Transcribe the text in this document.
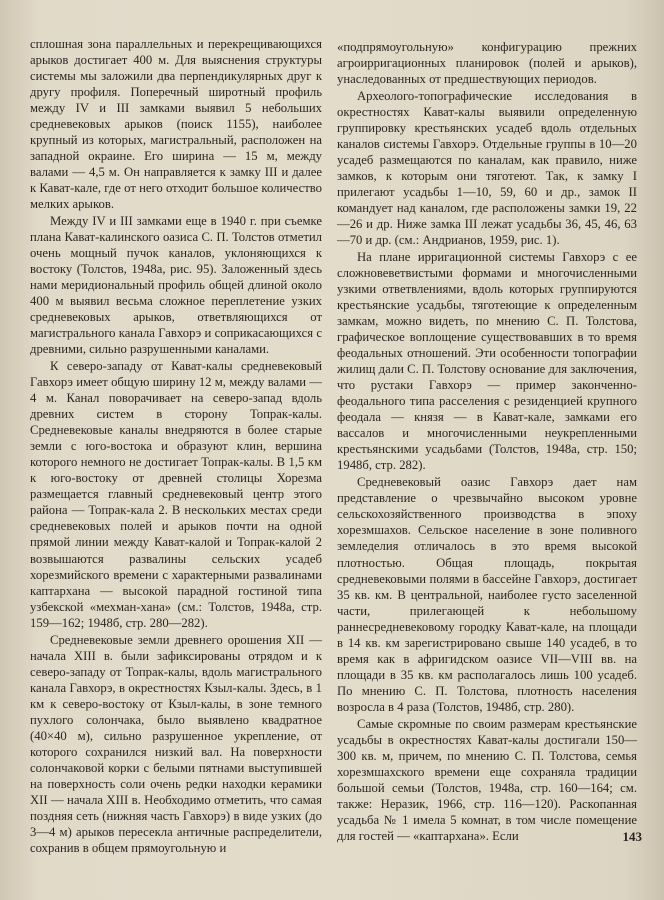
сплошная зона параллельных и перекрещивающихся арыков достигает 400 м. Для выяснения структуры системы мы заложили два перпендикулярных друг к другу профиля. Поперечный широтный профиль между IV и III замками выявил 5 небольших средневековых арыков (поиск 1155), наиболее крупный из которых, магистральный, расположен на западной окраине. Его ширина — 15 м, между валами — 4,5 м. Он направляется к замку III и далее к Кават-кале, где от него отходит большое количество мелких арыков.

Между IV и III замками еще в 1940 г. при съемке плана Кават-калинского оазиса С. П. Толстов отметил очень мощный пучок каналов, уклоняющихся к востоку (Толстов, 1948а, рис. 95). Заложенный здесь нами меридиональный профиль общей длиной около 400 м выявил весьма сложное переплетение узких средневековых арыков, ответвляющихся от магистрального канала Гавхорэ и соприкасающихся с древними, сильно разрушенными каналами.

К северо-западу от Кават-калы средневековый Гавхорэ имеет общую ширину 12 м, между валами — 4 м. Канал поворачивает на северо-запад вдоль древних систем в сторону Топрак-калы. Средневековые каналы внедряются в более старые земли с юго-востока и образуют клин, вершина которого немного не достигает Топрак-калы. В 1,5 км к юго-востоку от древней столицы Хорезма размещается главный средневековый центр этого района — Топрак-кала 2. В нескольких местах среди средневековых полей и арыков почти на одной прямой линии между Кават-калой и Топрак-калой 2 возвышаются развалины сельских усадеб хорезмийского времени с характерными развалинами каптархана — высокой парадной гостиной типа узбекской «мехман-хана» (см.: Толстов, 1948а, стр. 159—162; 1948б, стр. 280—282).

Средневековые земли древнего орошения XII — начала XIII в. были зафиксированы отрядом и к северо-западу от Топрак-калы, вдоль магистрального канала Гавхорэ, в окрестностях Кзыл-калы. Здесь, в 1 км к северо-востоку от Кзыл-калы, в зоне темного пухлого солончака, было выявлено квадратное (40×40 м), сильно разрушенное укрепление, от которого сохранился низкий вал. На поверхности солончаковой корки с белыми пятнами выступившей на поверхность соли очень редки находки керамики XII — начала XIII в. Необходимо отметить, что самая поздняя сеть (нижняя часть Гавхорэ) в виде узких (до 3—4 м) арыков пересекла античные распределители, сохранив в общем прямоугольную и

«подпрямоугольную» конфигурацию прежних агроирригационных планировок (полей и арыков), унаследованных от предшествующих периодов.

Археолого-топографические исследования в окрестностях Кават-калы выявили определенную группировку крестьянских усадеб вдоль отдельных каналов системы Гавхорэ. Отдельные группы в 10—20 усадеб размещаются по каналам, как правило, ниже замков, к которым они тяготеют. Так, к замку I прилегают усадьбы 1—10, 59, 60 и др., замок II командует над каналом, где расположены замки 19, 22—26 и др. Ниже замка III лежат усадьбы 36, 45, 46, 63—70 и др. (см.: Андрианов, 1959, рис. 1).

На плане ирригационной системы Гавхорэ с ее сложновеветвистыми формами и многочисленными узкими ответвлениями, вдоль которых группируются крестьянские усадьбы, тяготеющие к определенным замкам, можно видеть, по мнению С. П. Толстова, графическое воплощение существовавших в то время феодальных отношений. Эти особенности топографии жилищ дали С. П. Толстову основание для заключения, что рустаки Гавхорэ — пример законченно-феодального типа расселения с резиденцией крупного феодала — князя — в Кават-кале, замками его вассалов и многочисленными неукрепленными крестьянскими усадьбами (Толстов, 1948а, стр. 150; 1948б, стр. 282).

Средневековый оазис Гавхорэ дает нам представление о чрезвычайно высоком уровне сельскохозяйственного производства в эпоху хорезмшахов. Сельское население в зоне поливного земледелия отличалось в это время высокой плотностью. Общая площадь, покрытая средневековыми полями в бассейне Гавхорэ, достигает 35 кв. км. В центральной, наиболее густо заселенной части, прилегающей к небольшому раннесредневековому городку Кават-кале, на площади в 14 кв. км зарегистрировано свыше 140 усадеб, в то время как в афригидском оазисе VII—VIII вв. на площади в 35 кв. км располагалось лишь 100 усадеб. По мнению С. П. Толстова, плотность населения возросла в 4 раза (Толстов, 1948б, стр. 280).

Самые скромные по своим размерам крестьянские усадьбы в окрестностях Кават-калы достигали 150—300 кв. м, причем, по мнению С. П. Толстова, семья хорезмшахского времени еще сохраняла традиции большой семьи (Толстов, 1948а, стр. 160—164; см. также: Неразик, 1966, стр. 116—120). Раскопанная усадьба № 1 имела 5 комнат, в том числе помещение для гостей — «каптархана». Если	143
